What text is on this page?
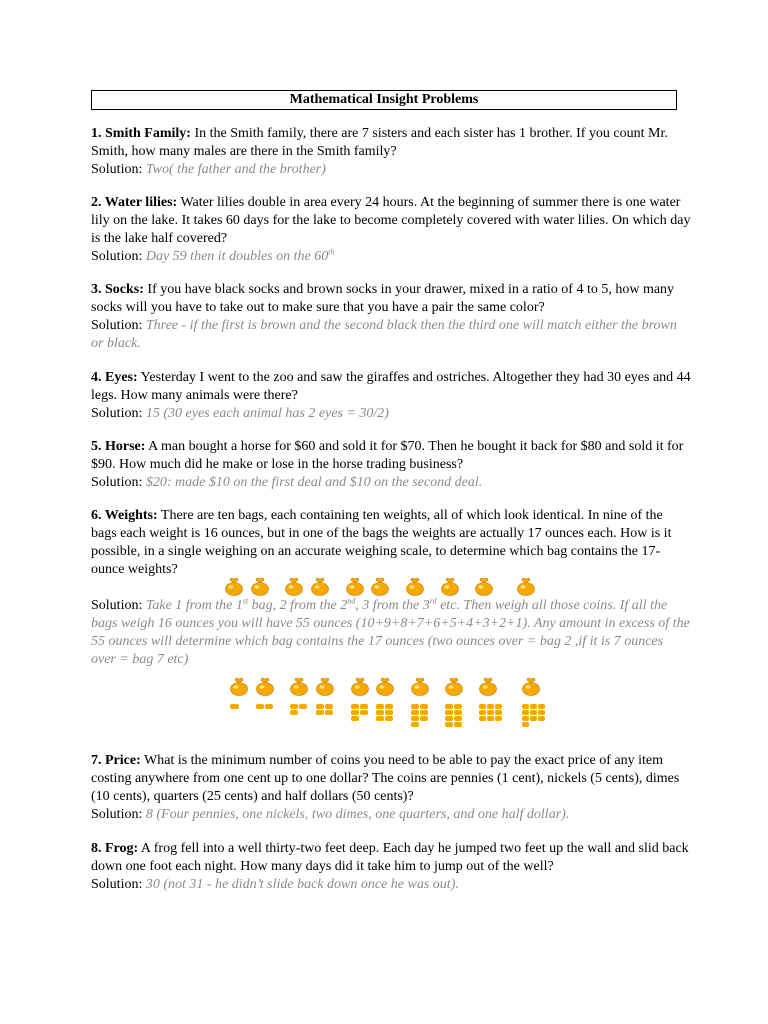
Mathematical Insight Problems

1. Smith Family: In the Smith family, there are 7 sisters and each sister has 1 brother. If you count Mr. Smith, how many males are there in the Smith family?

Solution: Two( the father and the brother)

2. Water lilies: Water lilies double in area every 24 hours. At the beginning of summer there is one water lily on the lake. It takes 60 days for the lake to become completely covered with water lilies. On which day is the lake half covered?

Solution: Day 59 then it doubles on the 60th

3. Socks: If you have black socks and brown socks in your drawer, mixed in a ratio of 4 to 5, how many socks will you have to take out to make sure that you have a pair the same color?

Solution: Three - if the first is brown and the second black then the third one will match either the brown or black.

4. Eyes: Yesterday I went to the zoo and saw the giraffes and ostriches. Altogether they had 30 eyes and 44 legs. How many animals were there?

Solution: 15 (30 eyes each animal has 2 eyes = 30/2)

5. Horse: A man bought a horse for $60 and sold it for $70. Then he bought it back for $80 and sold it for $90. How much did he make or lose in the horse trading business?

Solution: $20: made $10 on the first deal and $10 on the second deal.

6. Weights: There are ten bags, each containing ten weights, all of which look identical. In nine of the bags each weight is 16 ounces, but in one of the bags the weights are actually 17 ounces each. How is it possible, in a single weighing on an accurate weighing scale, to determine which bag contains the 17-ounce weights?

Solution: Take 1 from the 1st bag, 2 from the 2nd, 3 from the 3rd etc. Then weigh all those coins. If all the bags weigh 16 ounces you will have 55 ounces (10+9+8+7+6+5+4+3+2+1). Any amount in excess of the 55 ounces will determine which bag contains the 17 ounces (two ounces over = bag 2 ,if it is 7 ounces over = bag 7 etc)

7. Price: What is the minimum number of coins you need to be able to pay the exact price of any item costing anywhere from one cent up to one dollar? The coins are pennies (1 cent), nickels (5 cents), dimes (10 cents), quarters (25 cents) and half dollars (50 cents)?

Solution: 8 (Four pennies, one nickels, two dimes, one quarters, and one half dollar).

8. Frog: A frog fell into a well thirty-two feet deep. Each day he jumped two feet up the wall and slid back down one foot each night. How many days did it take him to jump out of the well?

Solution: 30 (not 31 - he didn’t slide back down once he was out).
